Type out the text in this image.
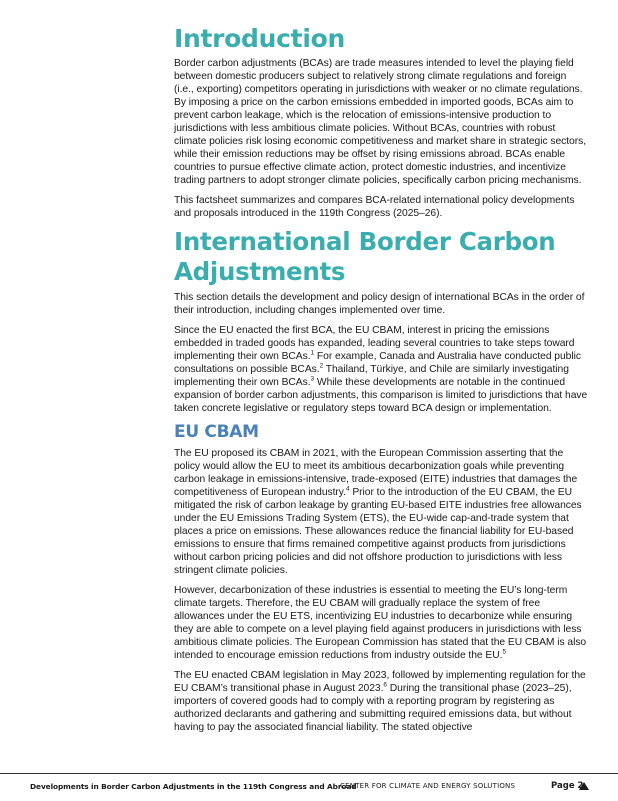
Introduction

Border carbon adjustments (BCAs) are trade measures intended to level the playing field between domestic producers subject to relatively strong climate regulations and foreign (i.e., exporting) competitors operating in jurisdictions with weaker or no climate regulations. By imposing a price on the carbon emissions embedded in imported goods, BCAs aim to prevent carbon leakage, which is the relocation of emissions-intensive production to jurisdictions with less ambitious climate policies. Without BCAs, countries with robust climate policies risk losing economic competitiveness and market share in strategic sectors, while their emission reductions may be offset by rising emissions abroad. BCAs enable countries to pursue effective climate action, protect domestic industries, and incentivize trading partners to adopt stronger climate policies, specifically carbon pricing mechanisms.

This factsheet summarizes and compares BCA-related international policy developments and proposals introduced in the 119th Congress (2025–26).

International Border Carbon Adjustments

This section details the development and policy design of international BCAs in the order of their introduction, including changes implemented over time.

Since the EU enacted the first BCA, the EU CBAM, interest in pricing the emissions embedded in traded goods has expanded, leading several countries to take steps toward implementing their own BCAs.$^1$ For example, Canada and Australia have conducted public consultations on possible BCAs.$^2$ Thailand, Türkiye, and Chile are similarly investigating implementing their own BCAs.$^3$ While these developments are notable in the continued expansion of border carbon adjustments, this comparison is limited to jurisdictions that have taken concrete legislative or regulatory steps toward BCA design or implementation.

EU CBAM

The EU proposed its CBAM in 2021, with the European Commission asserting that the policy would allow the EU to meet its ambitious decarbonization goals while preventing carbon leakage in emissions-intensive, trade-exposed (EITE) industries that damages the competitiveness of European industry.$^4$ Prior to the introduction of the EU CBAM, the EU mitigated the risk of carbon leakage by granting EU-based EITE industries free allowances under the EU Emissions Trading System (ETS), the EU-wide cap-and-trade system that places a price on emissions. These allowances reduce the financial liability for EU-based emissions to ensure that firms remained competitive against products from jurisdictions without carbon pricing policies and did not offshore production to jurisdictions with less stringent climate policies.

However, decarbonization of these industries is essential to meeting the EU’s long-term climate targets. Therefore, the EU CBAM will gradually replace the system of free allowances under the EU ETS, incentivizing EU industries to decarbonize while ensuring they are able to compete on a level playing field against producers in jurisdictions with less ambitious climate policies. The European Commission has stated that the EU CBAM is also intended to encourage emission reductions from industry outside the EU.$^5$

The EU enacted CBAM legislation in May 2023, followed by implementing regulation for the EU CBAM’s transitional phase in August 2023.$^6$ During the transitional phase (2023–25), importers of covered goods had to comply with a reporting program by registering as authorized declarants and gathering and submitting required emissions data, but without having to pay the associated financial liability. The stated objective

Developments in Border Carbon Adjustments in the 119th Congress and Abroad
CENTER FOR CLIMATE AND ENERGY SOLUTIONS	Page 2
